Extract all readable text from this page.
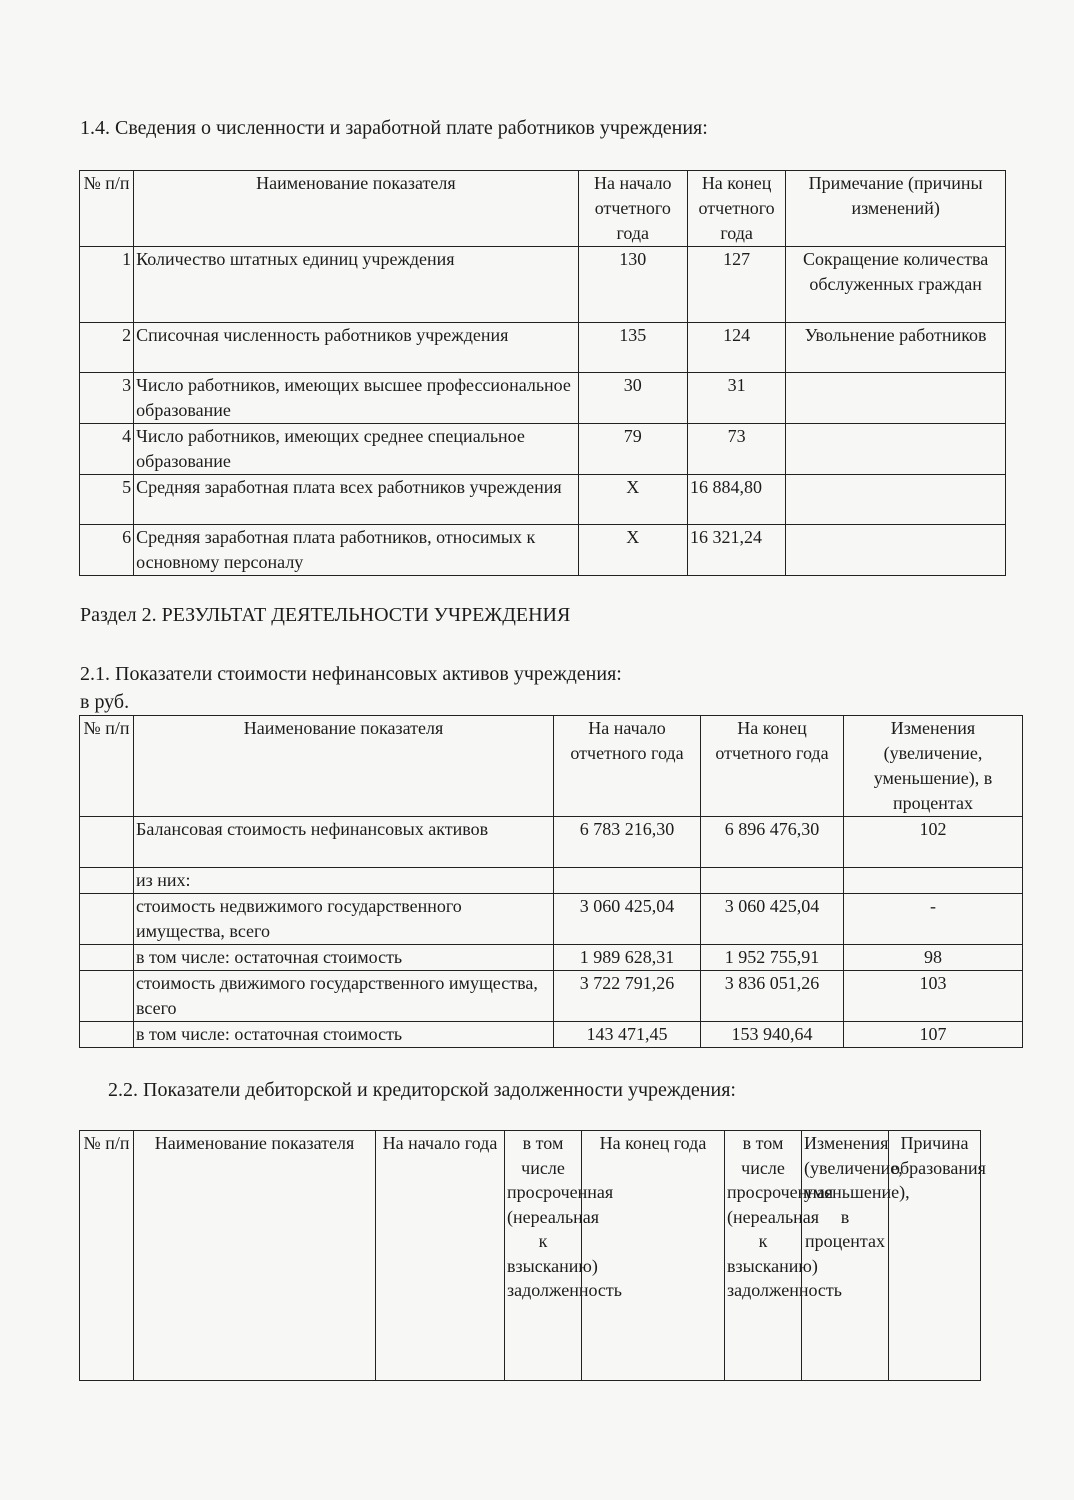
1.4. Сведения о численности и заработной плате работников учреждения:
№ п/п	Наименование показателя	На начало отчетного года	На конец отчетного года	Примечание (причины изменений)
1	Количество штатных единиц учреждения	130	127	Сокращение количества обслуженных граждан
2	Списочная численность работников учреждения	135	124	Увольнение работников
3	Число работников, имеющих высшее профессиональное образование	30	31	
4	Число работников, имеющих среднее специальное образование	79	73	
5	Средняя заработная плата всех работников учреждения	X	16 884,80	
6	Средняя заработная плата работников, относимых к основному персоналу	X	16 321,24	
Раздел 2. РЕЗУЛЬТАТ ДЕЯТЕЛЬНОСТИ УЧРЕЖДЕНИЯ
2.1. Показатели стоимости нефинансовых активов учреждения:
в руб.
№ п/п	Наименование показателя	На начало отчетного года	На конец отчетного года	Изменения (увеличение, уменьшение), в процентах
	Балансовая стоимость нефинансовых активов	6 783 216,30	6 896 476,30	102
	из них:			
	стоимость недвижимого государственного имущества, всего	3 060 425,04	3 060 425,04	-
	в том числе: остаточная стоимость	1 989 628,31	1 952 755,91	98
	стоимость движимого государственного имущества, всего	3 722 791,26	3 836 051,26	103
	в том числе: остаточная стоимость	143 471,45	153 940,64	107
2.2. Показатели дебиторской и кредиторской задолженности учреждения:
№ п/п	Наименование показателя	На начало года	в том числе просроченная (нереальная к взысканию) задолженность	На конец года	в том числе просроченная (нереальная к взысканию) задолженность	Изменения (увеличение, уменьшение), в процентах	Причина образования
